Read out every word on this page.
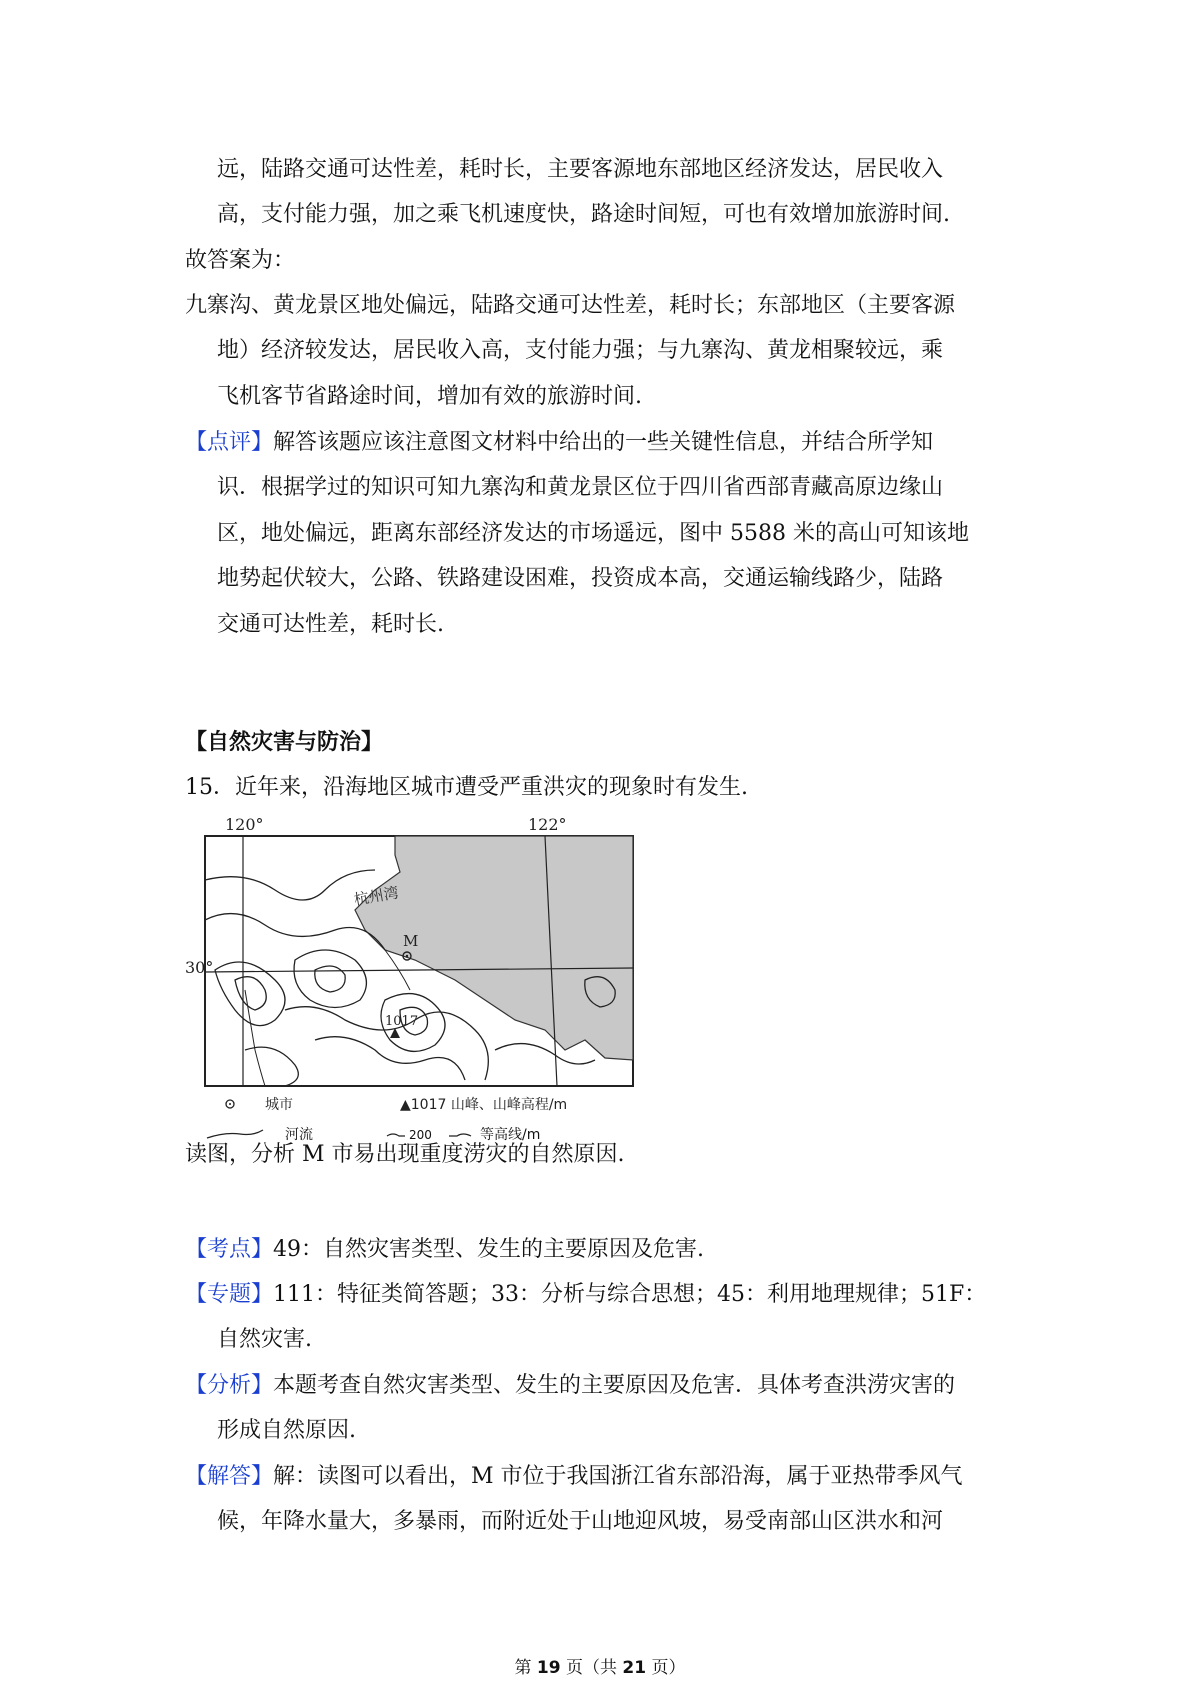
远，陆路交通可达性差，耗时长，主要客源地东部地区经济发达，居民收入
高，支付能力强，加之乘飞机速度快，路途时间短，可也有效增加旅游时间.
故答案为：
九寨沟、黄龙景区地处偏远，陆路交通可达性差，耗时长；东部地区（主要客源
地）经济较发达，居民收入高，支付能力强；与九寨沟、黄龙相聚较远，乘
飞机客节省路途时间，增加有效的旅游时间.
【点评】解答该题应该注意图文材料中给出的一些关键性信息，并结合所学知
识．根据学过的知识可知九寨沟和黄龙景区位于四川省西部青藏高原边缘山
区，地处偏远，距离东部经济发达的市场遥远，图中 5588 米的高山可知该地
地势起伏较大，公路、铁路建设困难，投资成本高，交通运输线路少，陆路
交通可达性差，耗时长.
【自然灾害与防治】
15．近年来，沿海地区城市遭受严重洪灾的现象时有发生.
120°	122°
30°
杭州湾
M
1017
城市	▲1017 山峰、山峰高程/m
河流	200	等高线/m
读图，分析 M 市易出现重度涝灾的自然原因.
【考点】49：自然灾害类型、发生的主要原因及危害.
【专题】111：特征类简答题；33：分析与综合思想；45：利用地理规律；51F：
自然灾害.
【分析】本题考查自然灾害类型、发生的主要原因及危害．具体考查洪涝灾害的
形成自然原因.
【解答】解：读图可以看出，M 市位于我国浙江省东部沿海，属于亚热带季风气
候，年降水量大，多暴雨，而附近处于山地迎风坡，易受南部山区洪水和河
第 19 页（共 21 页）
